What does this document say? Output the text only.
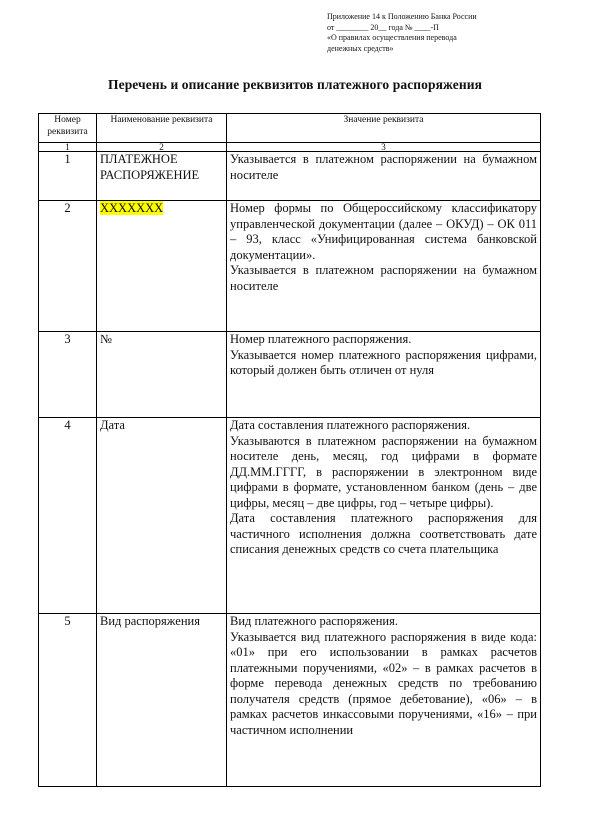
Приложение 14 к Положению Банка России
от ________ 20__ года № ____-П
«О правилах осуществления перевода
денежных средств»
Перечень и описание реквизитов платежного распоряжения
Номер реквизита	Наименование реквизита	Значение реквизита
1	2	3
1	ПЛАТЕЖНОЕ РАСПОРЯЖЕНИЕ	Указывается в платежном распоряжении на бумажном носителе

2	ХХХХХХХ	Номер формы по Общероссийскому классификатору управленческой документации (далее – ОКУД) – ОК 011 – 93, класс «Унифицированная система банковской документации».

Указывается в платежном распоряжении на бумажном носителе

3	№	Номер платежного распоряжения.

Указывается номер платежного распоряжения цифрами, который должен быть отличен от нуля

4	Дата	Дата составления платежного распоряжения.

Указываются в платежном распоряжении на бумажном носителе день, месяц, год цифрами в формате ДД.ММ.ГГГГ, в распоряжении в электронном виде цифрами в формате, установленном банком (день – две цифры, месяц – две цифры, год – четыре цифры).

Дата составления платежного распоряжения для частичного исполнения должна соответствовать дате списания денежных средств со счета плательщика

5	Вид распоряжения	Вид платежного распоряжения.

Указывается вид платежного распоряжения в виде кода: «01» при его использовании в рамках расчетов платежными поручениями, «02» – в рамках расчетов в форме перевода денежных средств по требованию получателя средств (прямое дебетование), «06» – в рамках расчетов инкассовыми поручениями, «16» – при частичном исполнении
